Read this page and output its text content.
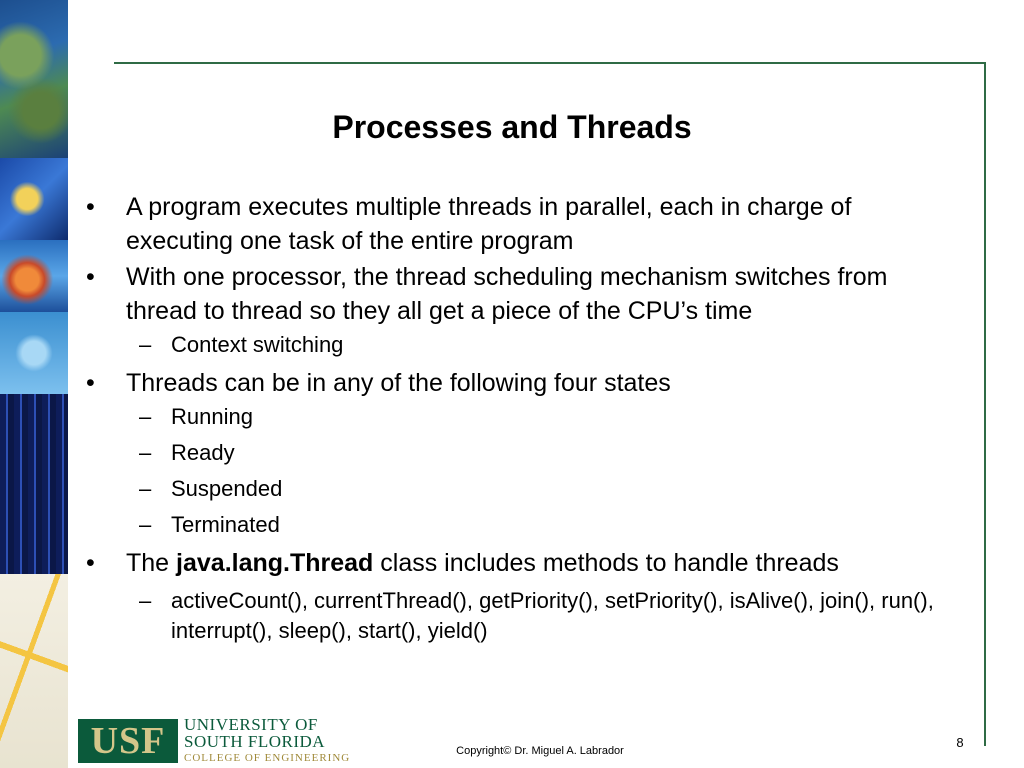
Processes and Threads
• A program executes multiple threads in parallel, each in charge of executing one task of the entire program
• With one processor, the thread scheduling mechanism switches from thread to thread so they all get a piece of the CPU’s time
– Context switching
• Threads can be in any of the following four states
– Running
– Ready
– Suspended
– Terminated
• The java.lang.Thread class includes methods to handle threads
– activeCount(), currentThread(), getPriority(), setPriority(), isAlive(), join(), run(), interrupt(), sleep(), start(), yield()
USF	UNIVERSITY OF
SOUTH FLORIDA
COLLEGE OF ENGINEERING
Copyright© Dr. Miguel A. Labrador
8
